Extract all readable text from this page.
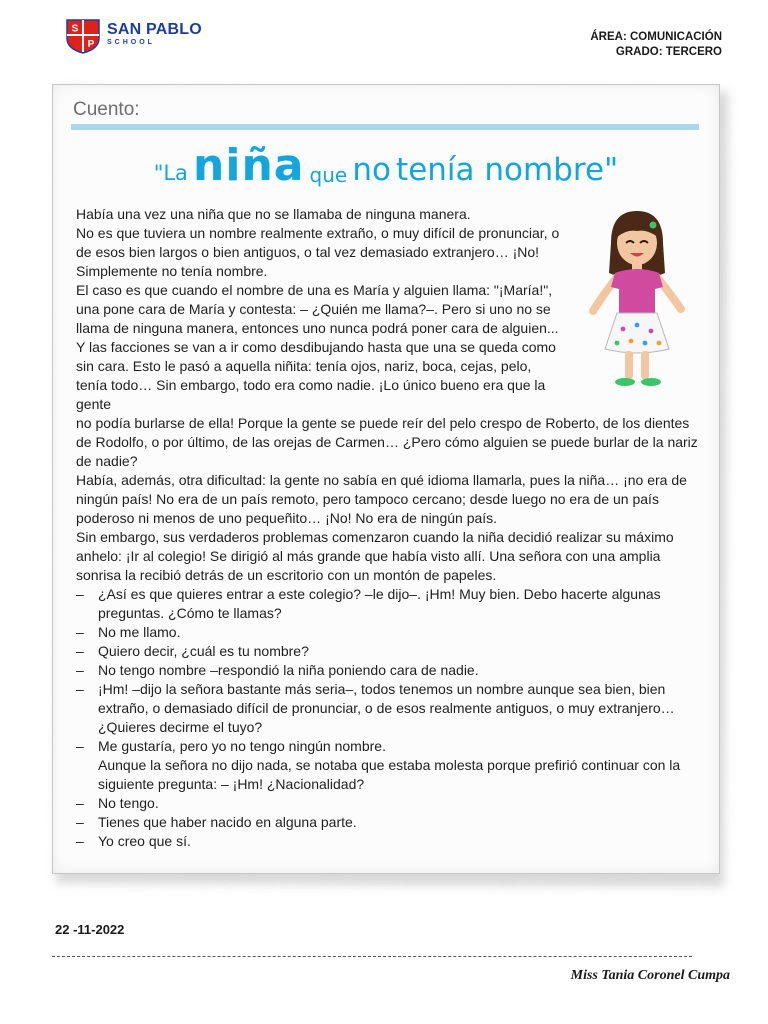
S
P
SAN PABLO
SCHOOL	ÁREA: COMUNICACIÓN
GRADO: TERCERO
Cuento:
"La niña que no tenía nombre"

Había una vez una niña que no se llamaba de ninguna manera.

No es que tuviera un nombre realmente extraño, o muy difícil de pronunciar, o de esos bien largos o bien antiguos, o tal vez demasiado extranjero… ¡No! Simplemente no tenía nombre.

El caso es que cuando el nombre de una es María y alguien llama: "¡María!", una pone cara de María y contesta: – ¿Quién me llama?–. Pero si uno no se llama de ninguna manera, entonces uno nunca podrá poner cara de alguien... Y las facciones se van a ir como desdibujando hasta que una se queda como sin cara. Esto le pasó a aquella niñita: tenía ojos, nariz, boca, cejas, pelo, tenía todo… Sin embargo, todo era como nadie. ¡Lo único bueno era que la gente

no podía burlarse de ella! Porque la gente se puede reír del pelo crespo de Roberto, de los dientes de Rodolfo, o por último, de las orejas de Carmen… ¿Pero cómo alguien se puede burlar de la nariz de nadie?

Había, además, otra dificultad: la gente no sabía en qué idioma llamarla, pues la niña… ¡no era de ningún país! No era de un país remoto, pero tampoco cercano; desde luego no era de un país poderoso ni menos de uno pequeñito… ¡No! No era de ningún país.

Sin embargo, sus verdaderos problemas comenzaron cuando la niña decidió realizar su máximo anhelo: ¡Ir al colegio! Se dirigió al más grande que había visto allí. Una señora con una amplia sonrisa la recibió detrás de un escritorio con un montón de papeles.

–	¿Así es que quieres entrar a este colegio? –le dijo–. ¡Hm! Muy bien. Debo hacerte algunas preguntas. ¿Cómo te llamas?
–	No me llamo.
–	Quiero decir, ¿cuál es tu nombre?
–	No tengo nombre –respondió la niña poniendo cara de nadie.
–	¡Hm! –dijo la señora bastante más seria–, todos tenemos un nombre aunque sea bien, bien extraño, o demasiado difícil de pronunciar, o de esos realmente antiguos, o muy extranjero… ¿Quieres decirme el tuyo?
–	Me gustaría, pero yo no tengo ningún nombre.

Aunque la señora no dijo nada, se notaba que estaba molesta porque prefirió continuar con la siguiente pregunta: – ¡Hm! ¿Nacionalidad?

–	No tengo.
–	Tienes que haber nacido en alguna parte.
–	Yo creo que sí.
22 -11-2022
Miss Tania Coronel Cumpa
